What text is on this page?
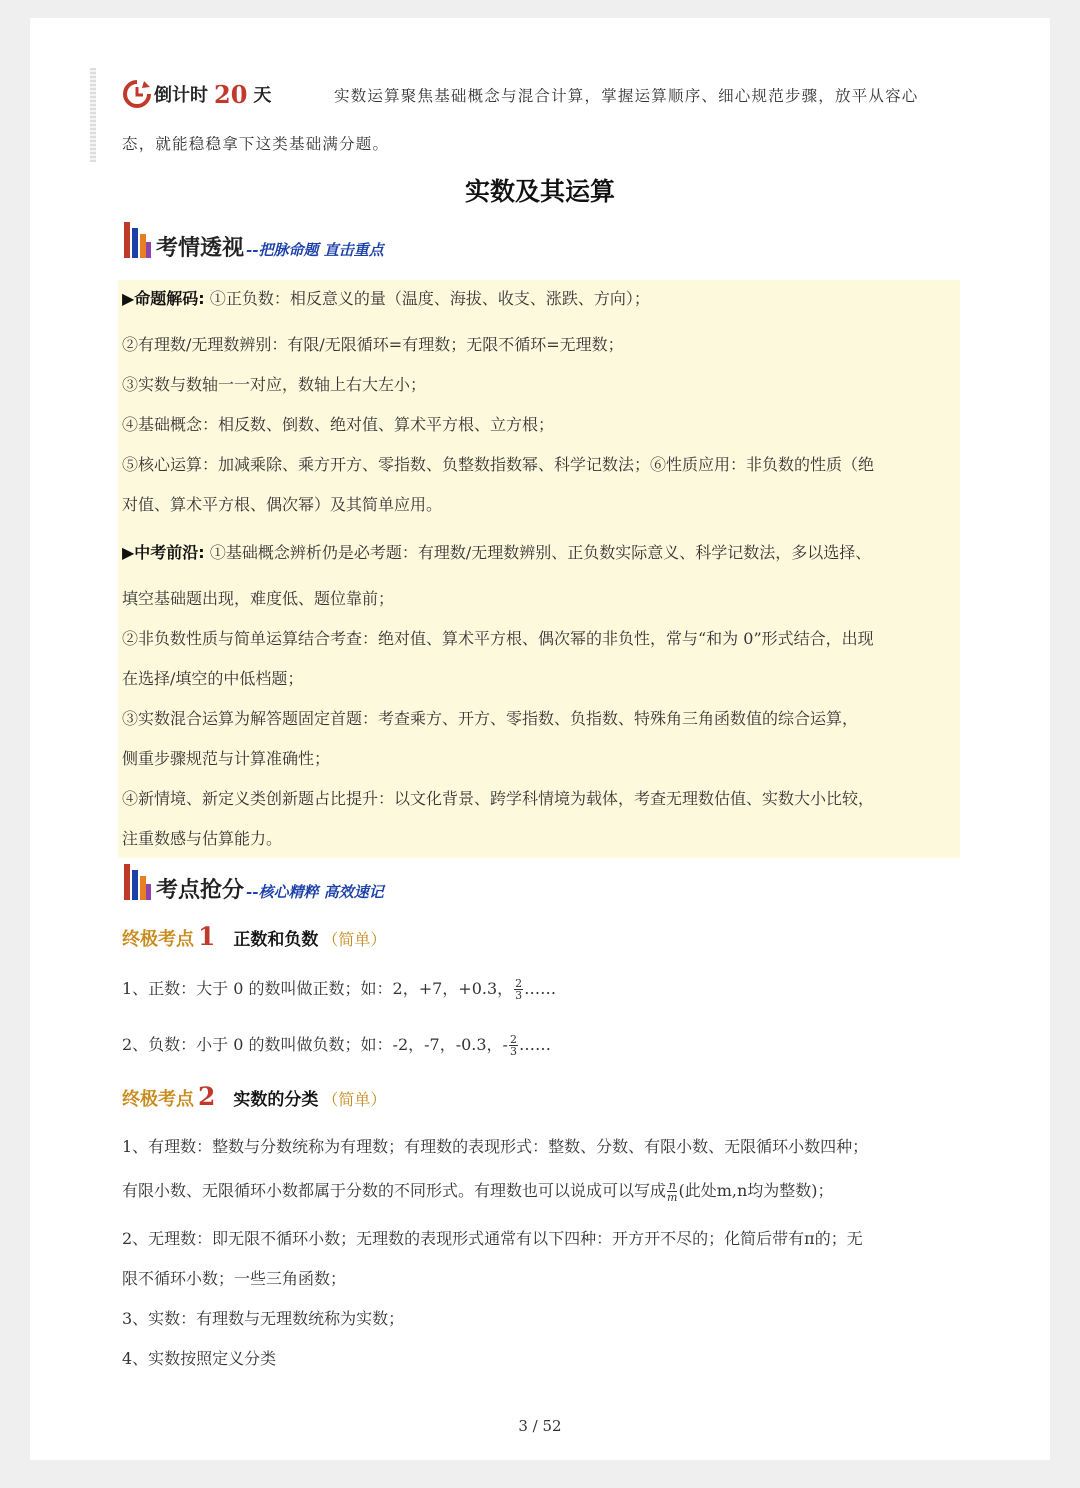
倒计时 20 天	实数运算聚焦基础概念与混合计算，掌握运算顺序、细心规范步骤，放平从容心
态，就能稳稳拿下这类基础满分题。
实数及其运算
考情透视 --把脉命题 直击重点
▶命题解码: ①正负数：相反意义的量（温度、海拔、收支、涨跌、方向）；
②有理数/无理数辨别：有限/无限循环=有理数；无限不循环=无理数；
③实数与数轴一一对应，数轴上右大左小；
④基础概念：相反数、倒数、绝对值、算术平方根、立方根；
⑤核心运算：加减乘除、乘方开方、零指数、负整数指数幂、科学记数法；⑥性质应用：非负数的性质（绝
对值、算术平方根、偶次幂）及其简单应用。
▶中考前沿: ①基础概念辨析仍是必考题：有理数/无理数辨别、正负数实际意义、科学记数法，多以选择、
填空基础题出现，难度低、题位靠前；
②非负数性质与简单运算结合考查：绝对值、算术平方根、偶次幂的非负性，常与“和为 0”形式结合，出现
在选择/填空的中低档题；
③实数混合运算为解答题固定首题：考查乘方、开方、零指数、负指数、特殊角三角函数值的综合运算，
侧重步骤规范与计算准确性；
④新情境、新定义类创新题占比提升：以文化背景、跨学科情境为载体，考查无理数估值、实数大小比较，
注重数感与估算能力。
考点抢分 --核心精粹 高效速记
终极考点 1 正数和负数 （简单）
1、正数：大于 0 的数叫做正数；如：2，+7，+0.3， $\frac{2}{3}$ ……
2、负数：小于 0 的数叫做负数；如：-2，-7，-0.3，- $\frac{2}{3}$ ……
终极考点 2 实数的分类 （简单）
1、有理数：整数与分数统称为有理数；有理数的表现形式：整数、分数、有限小数、无限循环小数四种；
有限小数、无限循环小数都属于分数的不同形式。有理数也可以说成可以写成 $\frac{n}{m}$ (此处m,n均为整数)；
2、无理数：即无限不循环小数；无理数的表现形式通常有以下四种：开方开不尽的；化简后带有π的；无
限不循环小数；一些三角函数；
3、实数：有理数与无理数统称为实数；
4、实数按照定义分类
3 / 52
